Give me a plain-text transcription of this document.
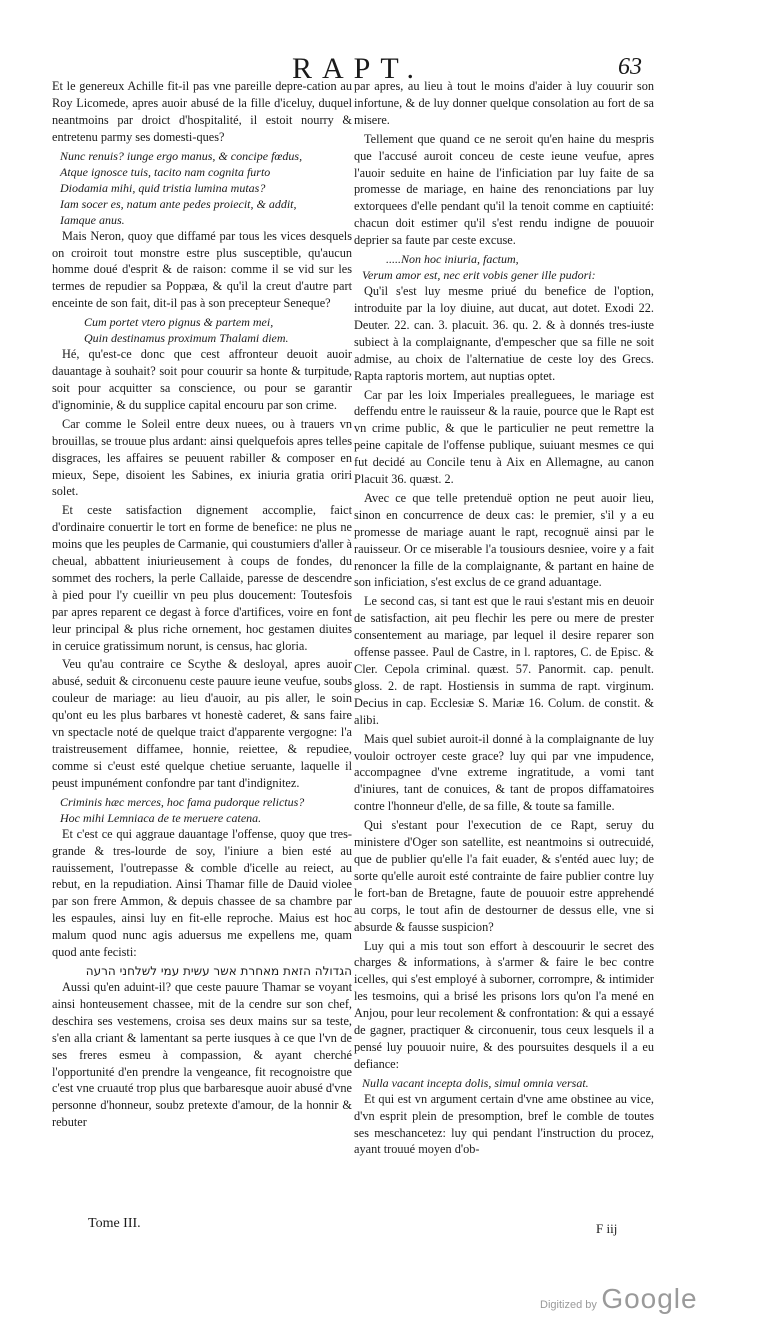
RAPT.	63

Et le genereux Achille fit-il pas vne pareille depre-cation au Roy Licomede, apres auoir abusé de la fille d'iceluy, duquel neantmoins par droict d'hospitalité, il estoit nourry & entretenu parmy ses domesti-ques?

Nunc renuis? iunge ergo manus, & concipe fœdus,
Atque ignosce tuis, tacito nam cognita furto
Diodamia mihi, quid tristia lumina mutas?
Iam socer es, natum ante pedes proiecit, & addit,
Iamque anus.

Mais Neron, quoy que diffamé par tous les vices desquels on croiroit tout monstre estre plus susceptible, qu'aucun homme doué d'esprit & de raison: comme il se vid sur les termes de repudier sa Poppæa, & qu'il la creut d'autre part enceinte de son fait, dit-il pas à son precepteur Seneque?

Cum portet vtero pignus & partem mei,
Quin destinamus proximum Thalami diem.

Hé, qu'est-ce donc que cest affronteur deuoit auoir dauantage à souhait? soit pour couurir sa honte & turpitude, soit pour acquitter sa conscience, ou pour se garantir d'ignominie, & du supplice capital encouru par son crime.

Car comme le Soleil entre deux nuees, ou à trauers vn brouillas, se trouue plus ardant: ainsi quelquefois apres telles disgraces, les affaires se peuuent rabiller & composer en mieux, Sepe, disoient les Sabines, ex iniuria gratia oriri solet.

Et ceste satisfaction dignement accomplie, faict d'ordinaire conuertir le tort en forme de benefice: ne plus ne moins que les peuples de Carmanie, qui coustumiers d'aller à cheual, abbattent iniurieusement à coups de fondes, du sommet des rochers, la perle Callaide, paresse de descendre à pied pour l'y cueillir vn peu plus doucement: Toutesfois par apres reparent ce degast à force d'artifices, voire en font leur principal & plus riche ornement, hoc gestamen diuites in ceruice gratissimum norunt, is census, hac gloria.

Veu qu'au contraire ce Scythe & desloyal, apres auoir abusé, seduit & circonuenu ceste pauure ieune veufue, soubs couleur de mariage: au lieu d'auoir, au pis aller, le soin qu'ont eu les plus barbares vt honestè caderet, & sans faire vn spectacle noté de quelque traict d'apparente vergogne: l'a traistreusement diffamee, honnie, reiettee, & repudiee, comme si c'eust esté quelque chetiue seruante, laquelle il peust impunément confondre par tant d'indignitez.

Criminis hæc merces, hoc fama pudorque relictus?
Hoc mihi Lemniaca de te meruere catena.

Et c'est ce qui aggraue dauantage l'offense, quoy que tres-grande & tres-lourde de soy, l'iniure a bien esté au rauissement, l'outrepasse & comble d'icelle au reiect, au rebut, en la repudiation. Ainsi Thamar fille de Dauid violee par son frere Ammon, & depuis chassee de sa chambre par les espaules, ainsi luy en fit-elle reproche. Maius est hoc malum quod nunc agis aduersus me expellens me, quam quod ante fecisti:

הגדולה הזאת מאחרת אשר עשית עמי לשלחני הרעה

Aussi qu'en aduint-il? que ceste pauure Thamar se voyant ainsi honteusement chassee, mit de la cendre sur son chef, deschira ses vestemens, croisa ses deux mains sur sa teste, s'en alla criant & lamentant sa perte iusques à ce que l'vn de ses freres esmeu à compassion, & ayant cherché l'opportunité d'en prendre la vengeance, fit recognoistre que c'est vne cruauté trop plus que barbaresque auoir abusé d'vne personne d'honneur, soubz pretexte d'amour, de la honnir & rebuter

par apres, au lieu à tout le moins d'aider à luy couurir son infortune, & de luy donner quelque consolation au fort de sa misere.

Tellement que quand ce ne seroit qu'en haine du mespris que l'accusé auroit conceu de ceste ieune veufue, apres l'auoir seduite en haine de l'inficiation par luy faite de sa promesse de mariage, en haine des renonciations par luy extorquees d'elle pendant qu'il la tenoit comme en captiuité: chacun doit estimer qu'il s'est rendu indigne de pouuoir deprier sa faute par ceste excuse.

.....Non hoc iniuria, factum,
Verum amor est, nec erit vobis gener ille pudori:

Qu'il s'est luy mesme priué du benefice de l'option, introduite par la loy diuine, aut ducat, aut dotet. Exodi 22. Deuter. 22. can. 3. placuit. 36. qu. 2. & à donnés tres-iuste subiect à la complaignante, d'empescher que sa fille ne soit admise, au choix de l'alternatiue de ceste loy des Grecs. Rapta raptoris mortem, aut nuptias optet.

Car par les loix Imperiales prealleguees, le mariage est deffendu entre le rauisseur & la rauie, pource que le Rapt est vn crime public, & que le particulier ne peut remettre la peine capitale de l'offense publique, suiuant mesmes ce qui fut decidé au Concile tenu à Aix en Allemagne, au canon Placuit 36. quæst. 2.

Avec ce que telle pretenduë option ne peut auoir lieu, sinon en concurrence de deux cas: le premier, s'il y a eu promesse de mariage auant le rapt, recognuë ainsi par le rauisseur. Or ce miserable l'a tousiours desniee, voire y a fait renoncer la fille de la complaignante, & partant en haine de son inficiation, s'est exclus de ce grand aduantage.

Le second cas, si tant est que le raui s'estant mis en deuoir de satisfaction, ait peu flechir les pere ou mere de prester consentement au mariage, par lequel il desire reparer son offense passee. Paul de Castre, in l. raptores, C. de Episc. & Cler. Cepola criminal. quæst. 57. Panormit. cap. penult. gloss. 2. de rapt. Hostiensis in summa de rapt. virginum. Decius in cap. Ecclesiæ S. Mariæ 16. Colum. de constit. & alibi.

Mais quel subiet auroit-il donné à la complaignante de luy vouloir octroyer ceste grace? luy qui par vne impudence, accompagnee d'vne extreme ingratitude, a vomi tant d'iniures, tant de conuices, & tant de propos diffamatoires contre l'honneur d'elle, de sa fille, & toute sa famille.

Qui s'estant pour l'execution de ce Rapt, seruy du ministere d'Oger son satellite, est neantmoins si outrecuidé, que de publier qu'elle l'a fait euader, & s'entéd auec luy; de sorte qu'elle auroit esté contrainte de faire publier contre luy le fort-ban de Bretagne, faute de pouuoir estre apprehendé au corps, le tout afin de destourner de dessus elle, vne si absurde & fausse suspicion?

Luy qui a mis tout son effort à descouurir le secret des charges & informations, à s'armer & faire le bec contre icelles, qui s'est employé à suborner, corrompre, & intimider les tesmoins, qui a brisé les prisons lors qu'on l'a mené en Anjou, pour leur recolement & confrontation: & qui a essayé de gagner, practiquer & circonuenir, tous ceux lesquels il a pensé luy pouuoir nuire, & des poursuites desquels il a eu defiance:

Nulla vacant incepta dolis, simul omnia versat.

Et qui est vn argument certain d'vne ame obstinee au vice, d'vn esprit plein de presomption, bref le comble de toutes ses meschancetez: luy qui pendant l'instruction du procez, ayant trouué moyen d'ob-

Tome III.	F iij
Digitized by Google
